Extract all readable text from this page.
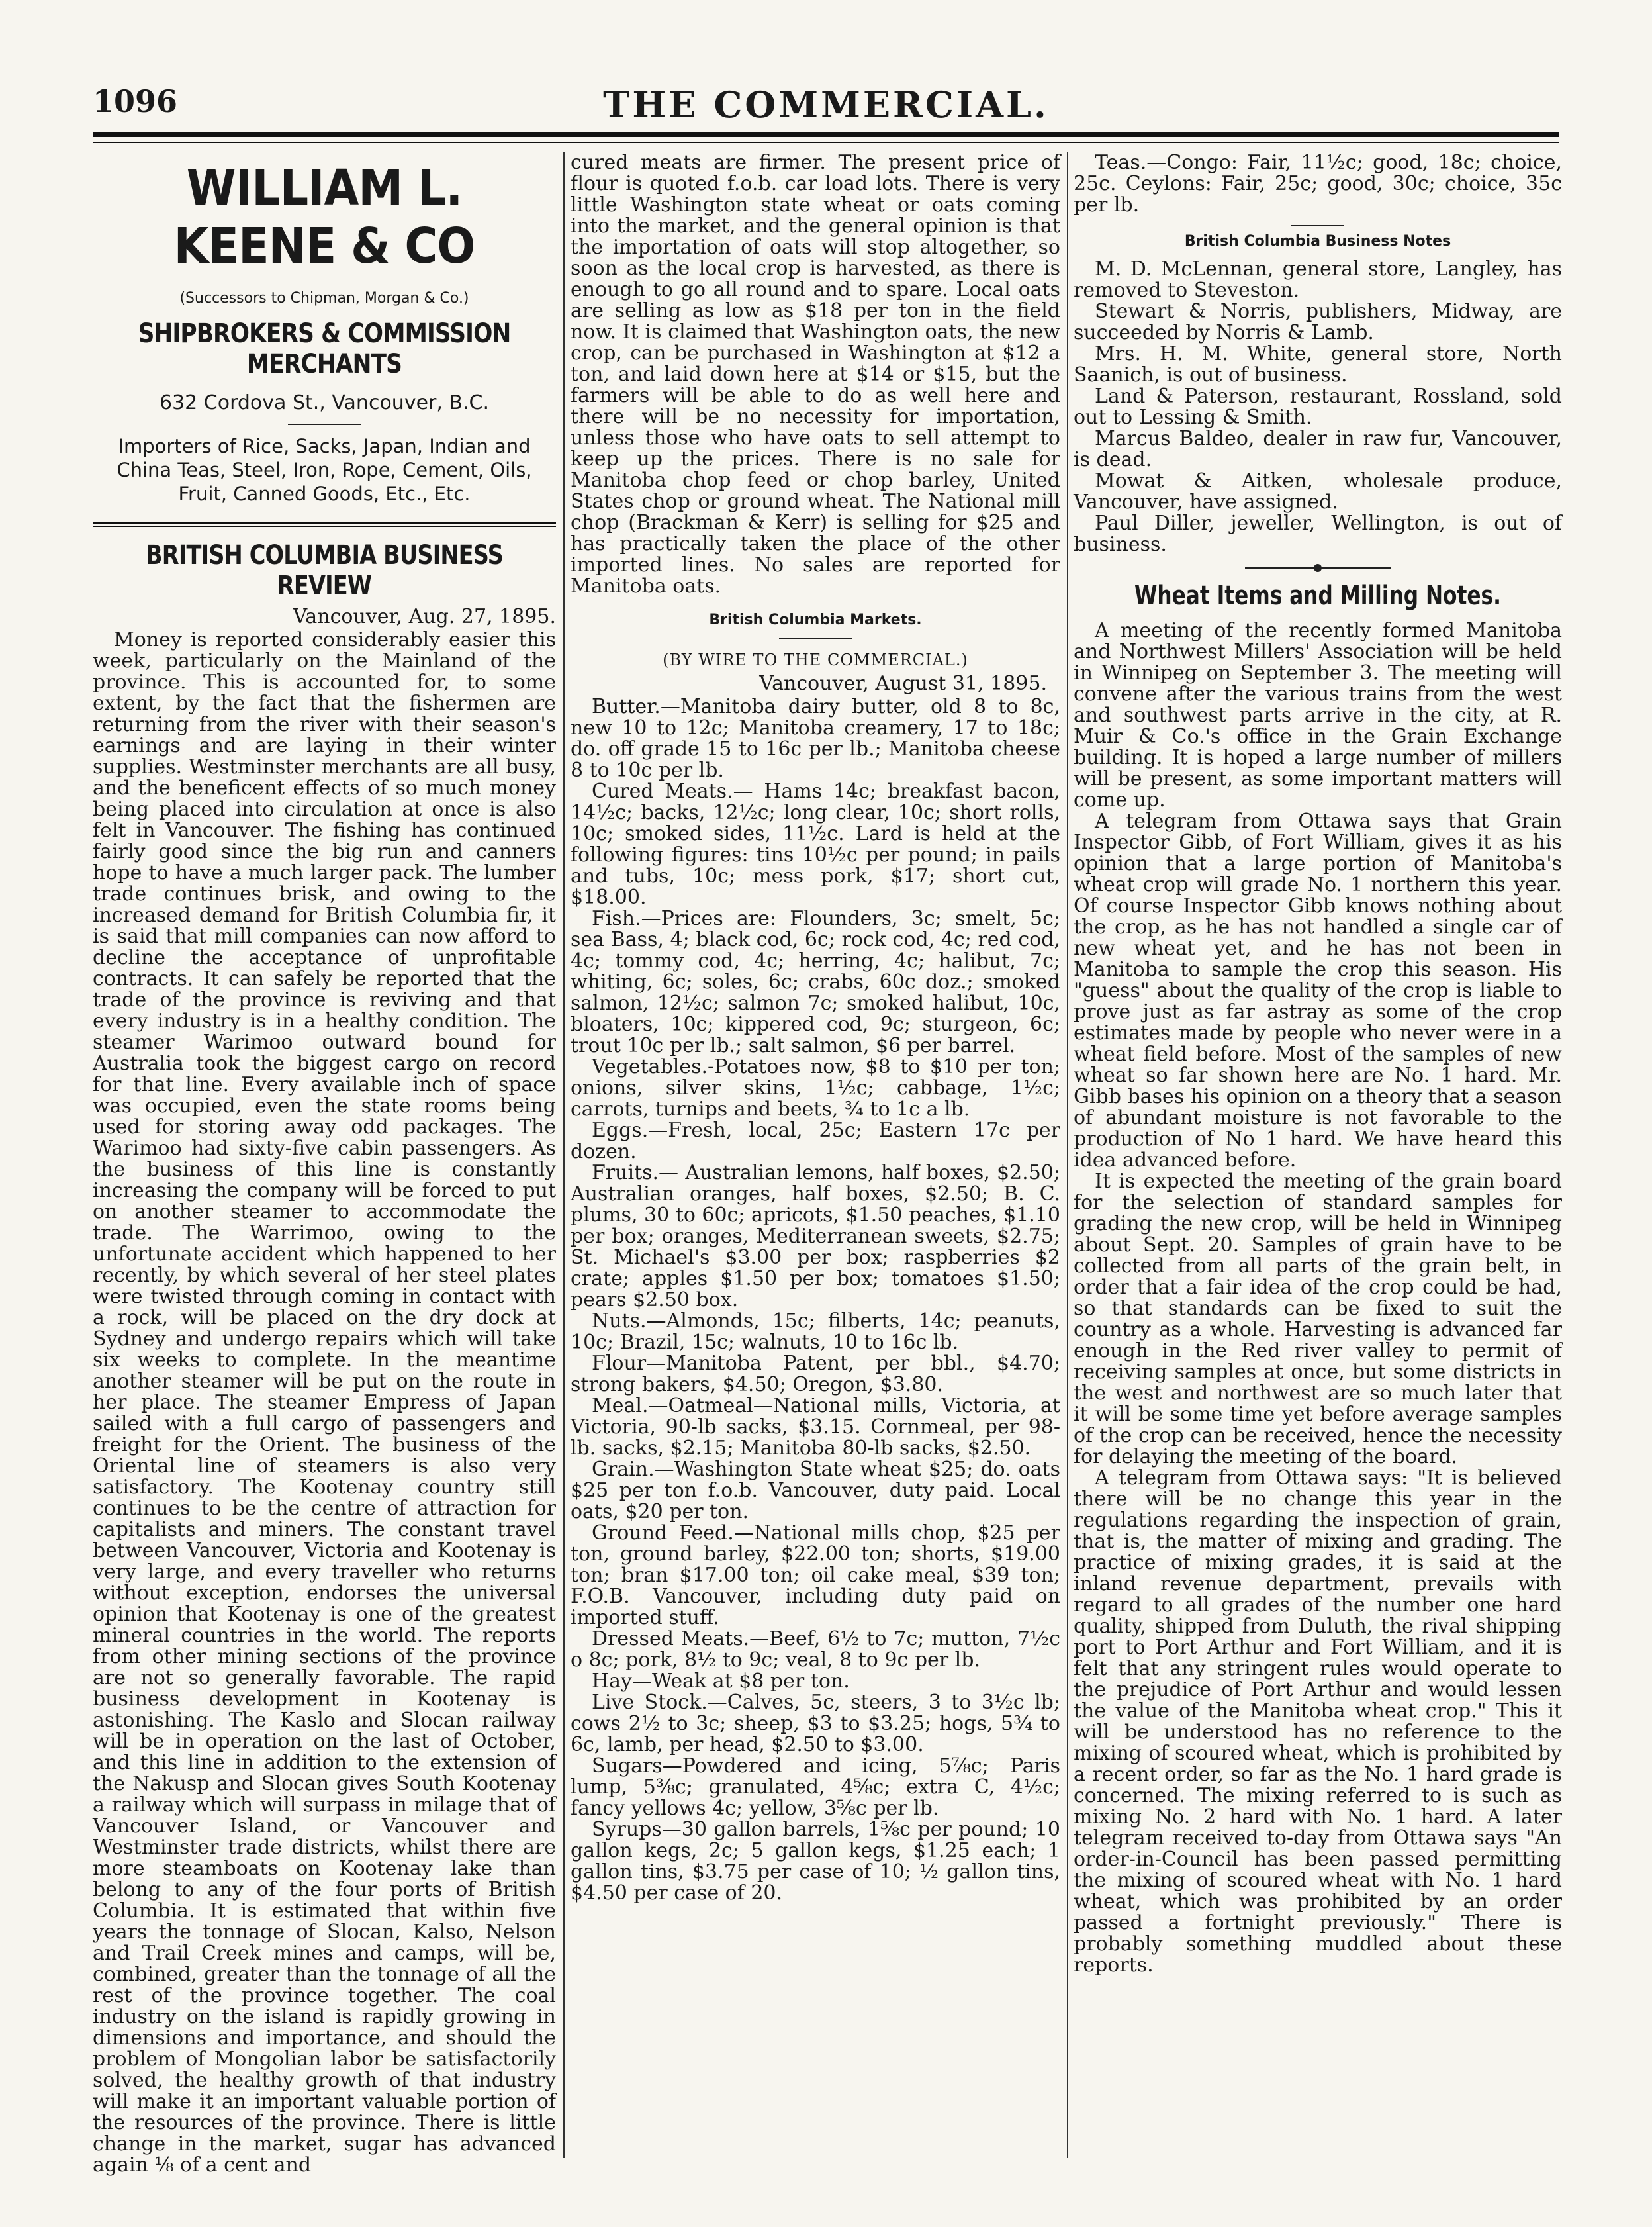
1096	THE COMMERCIAL.
WILLIAM L. KEENE & CO
(Successors to Chipman, Morgan & Co.)
SHIPBROKERS & COMMISSION MERCHANTS
632 Cordova St., Vancouver, B.C.
Importers of Rice, Sacks, Japan, Indian and China Teas, Steel, Iron, Rope, Cement, Oils, Fruit, Canned Goods, Etc., Etc.
BRITISH COLUMBIA BUSINESS REVIEW
Vancouver, Aug. 27, 1895.

Money is reported considerably easier this week, particularly on the Mainland of the province. This is accounted for, to some extent, by the fact that the fishermen are returning from the river with their season's earnings and are laying in their winter supplies. Westminster merchants are all busy, and the beneficent effects of so much money being placed into circulation at once is also felt in Vancouver. The fishing has continued fairly good since the big run and canners hope to have a much larger pack. The lumber trade continues brisk, and owing to the increased demand for British Columbia fir, it is said that mill companies can now afford to decline the acceptance of unprofitable contracts. It can safely be reported that the trade of the province is reviving and that every industry is in a healthy condition. The steamer Warimoo outward bound for Australia took the biggest cargo on record for that line. Every available inch of space was occupied, even the state rooms being used for storing away odd packages. The Warimoo had sixty-five cabin passengers. As the business of this line is constantly increasing the company will be forced to put on another steamer to accommodate the trade. The Warrimoo, owing to the unfortunate accident which happened to her recently, by which several of her steel plates were twisted through coming in contact with a rock, will be placed on the dry dock at Sydney and undergo repairs which will take six weeks to complete. In the meantime another steamer will be put on the route in her place. The steamer Empress of Japan sailed with a full cargo of passengers and freight for the Orient. The business of the Oriental line of steamers is also very satisfactory. The Kootenay country still continues to be the centre of attraction for capitalists and miners. The constant travel between Vancouver, Victoria and Kootenay is very large, and every traveller who returns without exception, endorses the universal opinion that Kootenay is one of the greatest mineral countries in the world. The reports from other mining sections of the province are not so generally favorable. The rapid business development in Kootenay is astonishing. The Kaslo and Slocan railway will be in operation on the last of October, and this line in addition to the extension of the Nakusp and Slocan gives South Kootenay a railway which will surpass in milage that of Vancouver Island, or Vancouver and Westminster trade districts, whilst there are more steamboats on Kootenay lake than belong to any of the four ports of British Columbia. It is estimated that within five years the tonnage of Slocan, Kalso, Nelson and Trail Creek mines and camps, will be, combined, greater than the tonnage of all the rest of the province together. The coal industry on the island is rapidly growing in dimensions and importance, and should the problem of Mongolian labor be satisfactorily solved, the healthy growth of that industry will make it an important valuable portion of the resources of the province. There is little change in the market, sugar has advanced again ⅛ of a cent and

cured meats are firmer. The present price of flour is quoted f.o.b. car load lots. There is very little Washington state wheat or oats coming into the market, and the general opinion is that the importation of oats will stop altogether, so soon as the local crop is harvested, as there is enough to go all round and to spare. Local oats are selling as low as $18 per ton in the field now. It is claimed that Washington oats, the new crop, can be purchased in Washington at $12 a ton, and laid down here at $14 or $15, but the farmers will be able to do as well here and there will be no necessity for importation, unless those who have oats to sell attempt to keep up the prices. There is no sale for Manitoba chop feed or chop barley, United States chop or ground wheat. The National mill chop (Brackman & Kerr) is selling for $25 and has practically taken the place of the other imported lines. No sales are reported for Manitoba oats.

British Columbia Markets.
(BY WIRE TO THE COMMERCIAL.)
Vancouver, August 31, 1895.

Butter.—Manitoba dairy butter, old 8 to 8c, new 10 to 12c; Manitoba creamery, 17 to 18c; do. off grade 15 to 16c per lb.; Manitoba cheese 8 to 10c per lb.

Cured Meats.— Hams 14c; breakfast bacon, 14½c; backs, 12½c; long clear, 10c; short rolls, 10c; smoked sides, 11½c. Lard is held at the following figures: tins 10½c per pound; in pails and tubs, 10c; mess pork, $17; short cut, $18.00.

Fish.—Prices are: Flounders, 3c; smelt, 5c; sea Bass, 4; black cod, 6c; rock cod, 4c; red cod, 4c; tommy cod, 4c; herring, 4c; halibut, 7c; whiting, 6c; soles, 6c; crabs, 60c doz.; smoked salmon, 12½c; salmon 7c; smoked halibut, 10c, bloaters, 10c; kippered cod, 9c; sturgeon, 6c; trout 10c per lb.; salt salmon, $6 per barrel.

Vegetables.-Potatoes now, $8 to $10 per ton; onions, silver skins, 1½c; cabbage, 1½c; carrots, turnips and beets, ¾ to 1c a lb.

Eggs.—Fresh, local, 25c; Eastern 17c per dozen.

Fruits.— Australian lemons, half boxes, $2.50; Australian oranges, half boxes, $2.50; B. C. plums, 30 to 60c; apricots, $1.50 peaches, $1.10 per box; oranges, Mediterranean sweets, $2.75; St. Michael's $3.00 per box; raspberries $2 crate; apples $1.50 per box; tomatoes $1.50; pears $2.50 box.

Nuts.—Almonds, 15c; filberts, 14c; peanuts, 10c; Brazil, 15c; walnuts, 10 to 16c lb.

Flour—Manitoba Patent, per bbl., $4.70; strong bakers, $4.50; Oregon, $3.80.

Meal.—Oatmeal—National mills, Victoria, at Victoria, 90-lb sacks, $3.15. Cornmeal, per 98-lb. sacks, $2.15; Manitoba 80-lb sacks, $2.50.

Grain.—Washington State wheat $25; do. oats $25 per ton f.o.b. Vancouver, duty paid. Local oats, $20 per ton.

Ground Feed.—National mills chop, $25 per ton, ground barley, $22.00 ton; shorts, $19.00 ton; bran $17.00 ton; oil cake meal, $39 ton; F.O.B. Vancouver, including duty paid on imported stuff.

Dressed Meats.—Beef, 6½ to 7c; mutton, 7½c o 8c; pork, 8½ to 9c; veal, 8 to 9c per lb.

Hay—Weak at $8 per ton.

Live Stock.—Calves, 5c, steers, 3 to 3½c lb; cows 2½ to 3c; sheep, $3 to $3.25; hogs, 5¾ to 6c, lamb, per head, $2.50 to $3.00.

Sugars—Powdered and icing, 5⅞c; Paris lump, 5⅜c; granulated, 4⅝c; extra C, 4½c; fancy yellows 4c; yellow, 3⅝c per lb.

Syrups—30 gallon barrels, 1⅝c per pound; 10 gallon kegs, 2c; 5 gallon kegs, $1.25 each; 1 gallon tins, $3.75 per case of 10; ½ gallon tins, $4.50 per case of 20.

Teas.—Congo: Fair, 11½c; good, 18c; choice, 25c. Ceylons: Fair, 25c; good, 30c; choice, 35c per lb.

British Columbia Business Notes

M. D. McLennan, general store, Langley, has removed to Steveston.

Stewart & Norris, publishers, Midway, are succeeded by Norris & Lamb.

Mrs. H. M. White, general store, North Saanich, is out of business.

Land & Paterson, restaurant, Rossland, sold out to Lessing & Smith.

Marcus Baldeo, dealer in raw fur, Vancouver, is dead.

Mowat & Aitken, wholesale produce, Vancouver, have assigned.

Paul Diller, jeweller, Wellington, is out of business.

Wheat Items and Milling Notes.

A meeting of the recently formed Manitoba and Northwest Millers' Association will be held in Winnipeg on September 3. The meeting will convene after the various trains from the west and southwest parts arrive in the city, at R. Muir & Co.'s office in the Grain Exchange building. It is hoped a large number of millers will be present, as some important matters will come up.

A telegram from Ottawa says that Grain Inspector Gibb, of Fort William, gives it as his opinion that a large portion of Manitoba's wheat crop will grade No. 1 northern this year. Of course Inspector Gibb knows nothing about the crop, as he has not handled a single car of new wheat yet, and he has not been in Manitoba to sample the crop this season. His "guess" about the quality of the crop is liable to prove just as far astray as some of the crop estimates made by people who never were in a wheat field before. Most of the samples of new wheat so far shown here are No. 1 hard. Mr. Gibb bases his opinion on a theory that a season of abundant moisture is not favorable to the production of No 1 hard. We have heard this idea advanced before.

It is expected the meeting of the grain board for the selection of standard samples for grading the new crop, will be held in Winnipeg about Sept. 20. Samples of grain have to be collected from all parts of the grain belt, in order that a fair idea of the crop could be had, so that standards can be fixed to suit the country as a whole. Harvesting is advanced far enough in the Red river valley to permit of receiving samples at once, but some districts in the west and northwest are so much later that it will be some time yet before average samples of the crop can be received, hence the necessity for delaying the meeting of the board.

A telegram from Ottawa says: "It is believed there will be no change this year in the regulations regarding the inspection of grain, that is, the matter of mixing and grading. The practice of mixing grades, it is said at the inland revenue department, prevails with regard to all grades of the number one hard quality, shipped from Duluth, the rival shipping port to Port Arthur and Fort William, and it is felt that any stringent rules would operate to the prejudice of Port Arthur and would lessen the value of the Manitoba wheat crop." This it will be understood has no reference to the mixing of scoured wheat, which is prohibited by a recent order, so far as the No. 1 hard grade is concerned. The mixing referred to is such as mixing No. 2 hard with No. 1 hard. A later telegram received to-day from Ottawa says "An order-in-Council has been passed permitting the mixing of scoured wheat with No. 1 hard wheat, which was prohibited by an order passed a fortnight previously." There is probably something muddled about these reports.
